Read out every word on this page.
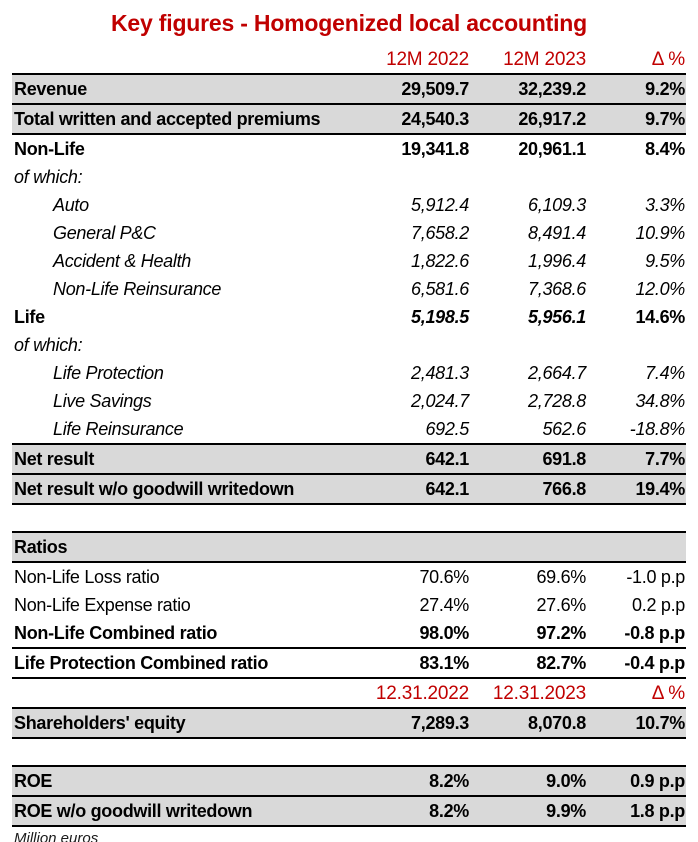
Key figures - Homogenized local accounting
	12M 2022	12M 2023	Δ %
Revenue	29,509.7	32,239.2	9.2%
Total written and accepted premiums	24,540.3	26,917.2	9.7%
Non-Life	19,341.8	20,961.1	8.4%
of which:			
Auto	5,912.4	6,109.3	3.3%
General P&C	7,658.2	8,491.4	10.9%
Accident & Health	1,822.6	1,996.4	9.5%
Non-Life Reinsurance	6,581.6	7,368.6	12.0%
Life	5,198.5	5,956.1	14.6%
of which:			
Life Protection	2,481.3	2,664.7	7.4%
Live Savings	2,024.7	2,728.8	34.8%
Life Reinsurance	692.5	562.6	-18.8%
Net result	642.1	691.8	7.7%
Net result w/o goodwill writedown	642.1	766.8	19.4%

Ratios			
Non-Life Loss ratio	70.6%	69.6%	-1.0 p.p
Non-Life Expense ratio	27.4%	27.6%	0.2 p.p
Non-Life Combined ratio	98.0%	97.2%	-0.8 p.p
Life Protection Combined ratio	83.1%	82.7%	-0.4 p.p
	12.31.2022	12.31.2023	Δ %
Shareholders' equity	7,289.3	8,070.8	10.7%

ROE	8.2%	9.0%	0.9 p.p
ROE w/o goodwill writedown	8.2%	9.9%	1.8 p.p
Million euros
